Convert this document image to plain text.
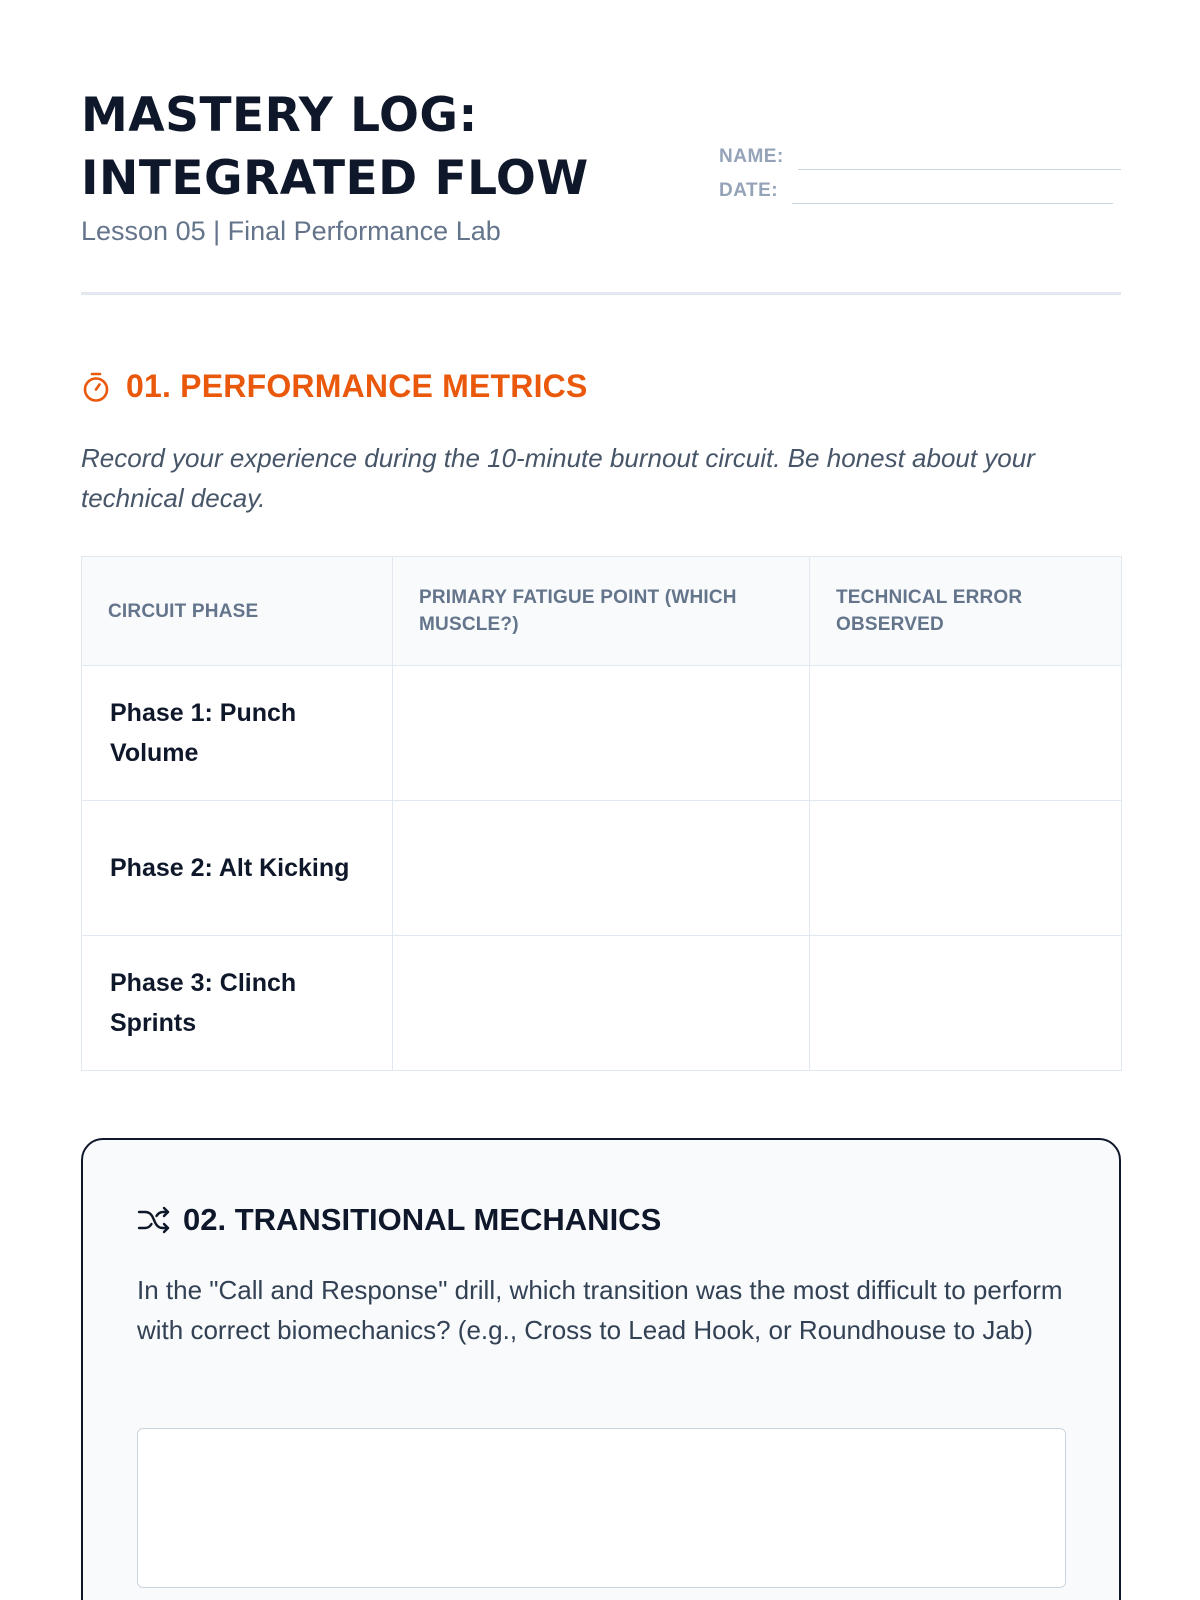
MASTERY LOG:
INTEGRATED FLOW
Lesson 05 | Final Performance Lab
NAME:
DATE:
01. PERFORMANCE METRICS
Record your experience during the 10-minute burnout circuit. Be honest about your technical decay.
CIRCUIT PHASE	PRIMARY FATIGUE POINT (WHICH MUSCLE?)	TECHNICAL ERROR OBSERVED
Phase 1: Punch Volume		
Phase 2: Alt Kicking		
Phase 3: Clinch Sprints		
02. TRANSITIONAL MECHANICS
In the "Call and Response" drill, which transition was the most difficult to perform with correct biomechanics? (e.g., Cross to Lead Hook, or Roundhouse to Jab)
